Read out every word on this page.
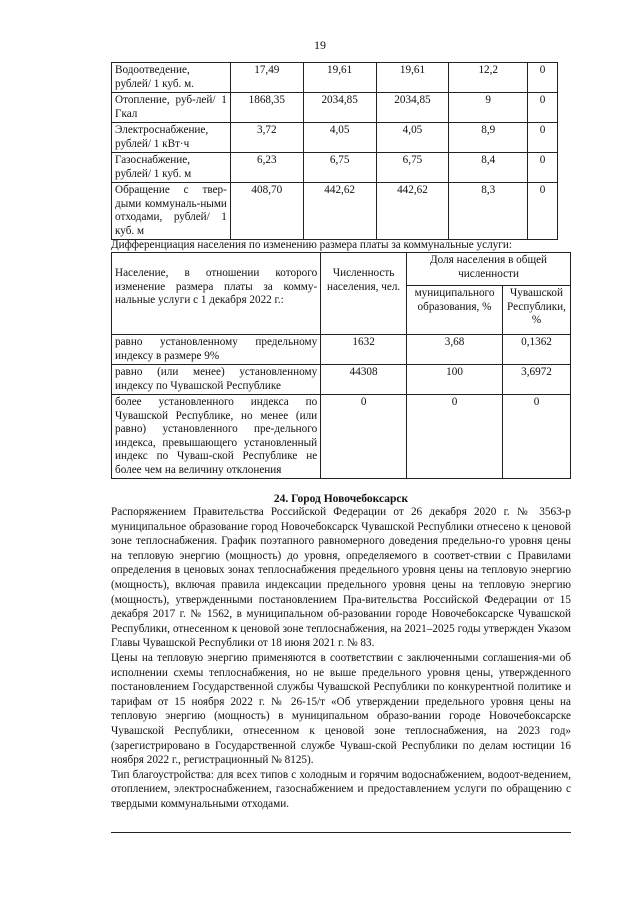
19
Водоотведение, рублей/ 1 куб. м.	17,49	19,61	19,61	12,2	0
Отопление, руб-лей/ 1 Гкал	1868,35	2034,85	2034,85	9	0
Электроснабжение, рублей/ 1 кВт·ч	3,72	4,05	4,05	8,9	0
Газоснабжение, рублей/ 1 куб. м	6,23	6,75	6,75	8,4	0
Обращение с твер-дыми коммуналь-ными отходами, рублей/ 1 куб. м	408,70	442,62	442,62	8,3	0
Дифференциация населения по изменению размера платы за коммунальные услуги:
Население, в отношении которого изменение размера платы за комму-нальные услуги с 1 декабря 2022 г.:	Численность населения, чел.	Доля населения в общей численности	
		муниципального образования, %	Чувашской Республики, %
равно установленному предельному индексу в размере 9%	1632	3,68	0,1362
равно (или менее) установленному индексу по Чувашской Республике	44308	100	3,6972
более установленного индекса по Чувашской Республике, но менее (или равно) установленного пре-дельного индекса, превышающего установленный индекс по Чуваш-ской Республике не более чем на величину отклонения	0	0	0
24. Город Новочебоксарск

Распоряжением Правительства Российской Федерации от 26 декабря 2020 г. № 3563-р муниципальное образование город Новочебоксарск Чувашской Республики отнесено к ценовой зоне теплоснабжения. График поэтапного равномерного доведения предельно-го уровня цены на тепловую энергию (мощность) до уровня, определяемого в соответ-ствии с Правилами определения в ценовых зонах теплоснабжения предельного уровня цены на тепловую энергию (мощность), включая правила индексации предельного уровня цены на тепловую энергию (мощность), утвержденными постановлением Пра-вительства Российской Федерации от 15 декабря 2017 г. № 1562, в муниципальном об-разовании городе Новочебоксарске Чувашской Республики, отнесенном к ценовой зоне теплоснабжения, на 2021–2025 годы утвержден Указом Главы Чувашской Республики от 18 июня 2021 г. № 83.

Цены на тепловую энергию применяются в соответствии с заключенными соглашения-ми об исполнении схемы теплоснабжения, но не выше предельного уровня цены, утвержденного постановлением Государственной службы Чувашской Республики по конкурентной политике и тарифам от 15 ноября 2022 г. № 26-15/т «Об утверждении предельного уровня цены на тепловую энергию (мощность) в муниципальном образо-вании городе Новочебоксарске Чувашской Республики, отнесенном к ценовой зоне теплоснабжения, на 2023 год» (зарегистрировано в Государственной службе Чуваш-ской Республики по делам юстиции 16 ноября 2022 г., регистрационный № 8125).

Тип благоустройства: для всех типов с холодным и горячим водоснабжением, водоот-ведением, отоплением, электроснабжением, газоснабжением и предоставлением услуги по обращению с твердыми коммунальными отходами.
